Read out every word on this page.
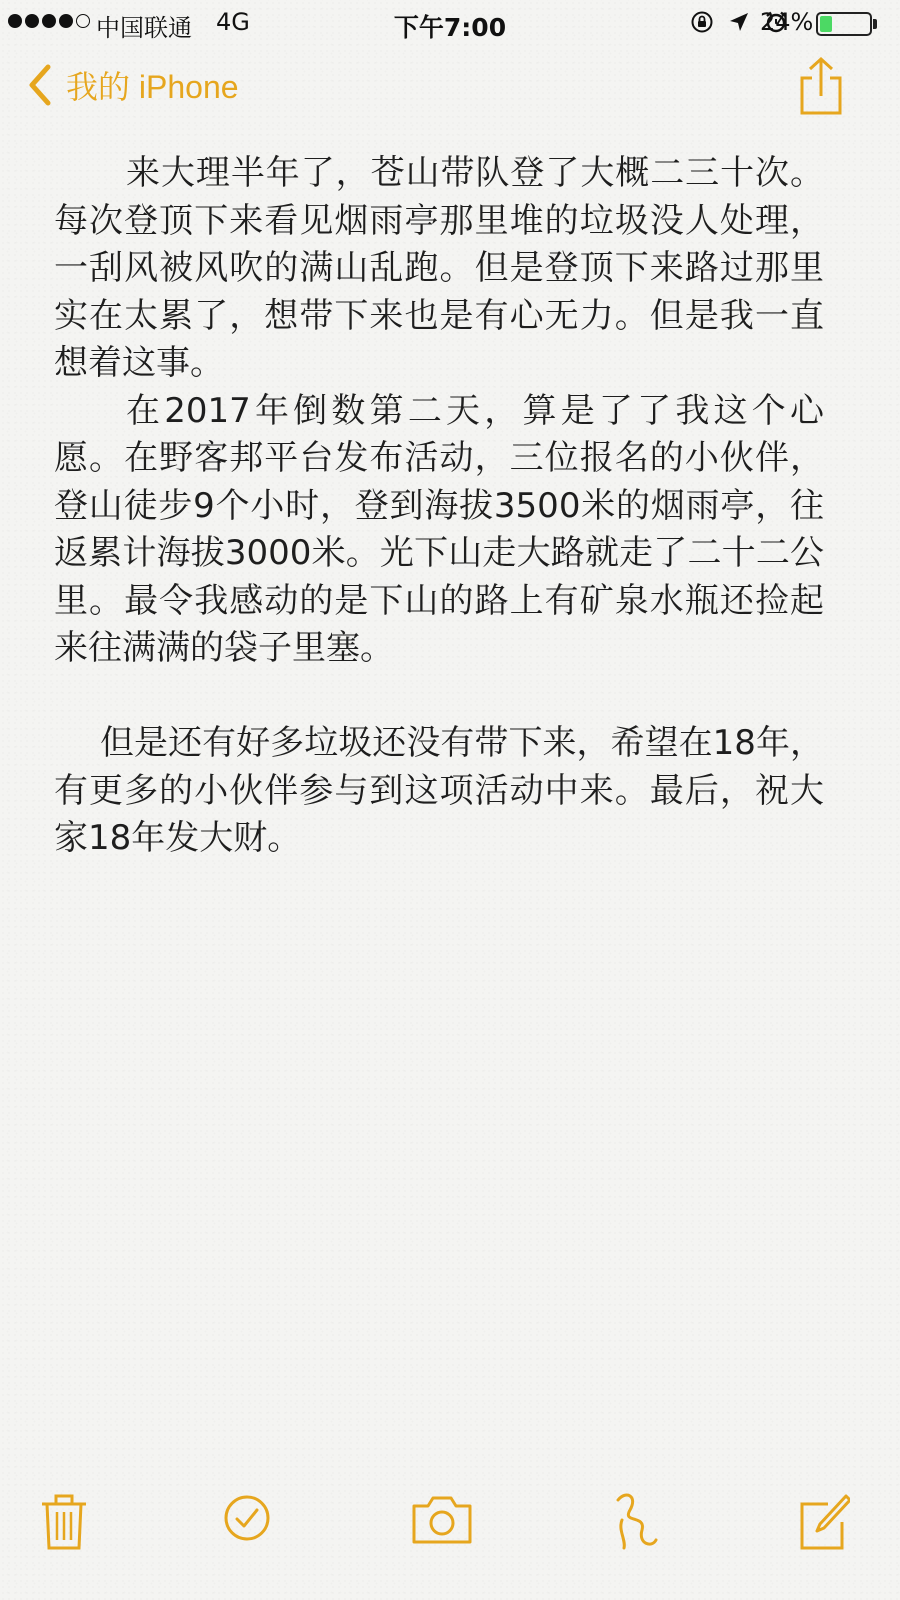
中国联通 4G	下午7:00	24%
我的 iPhone

来大理半年了，苍山带队登了大概二三十次。每次登顶下来看见烟雨亭那里堆的垃圾没人处理，一刮风被风吹的满山乱跑。但是登顶下来路过那里实在太累了，想带下来也是有心无力。但是我一直想着这事。

在2017年倒数第二天，算是了了我这个心愿。在野客邦平台发布活动，三位报名的小伙伴，登山徒步9个小时，登到海拔3500米的烟雨亭，往返累计海拔3000米。光下山走大路就走了二十二公里。最令我感动的是下山的路上有矿泉水瓶还捡起来往满满的袋子里塞。

但是还有好多垃圾还没有带下来，希望在18年，有更多的小伙伴参与到这项活动中来。最后，祝大家18年发大财。
